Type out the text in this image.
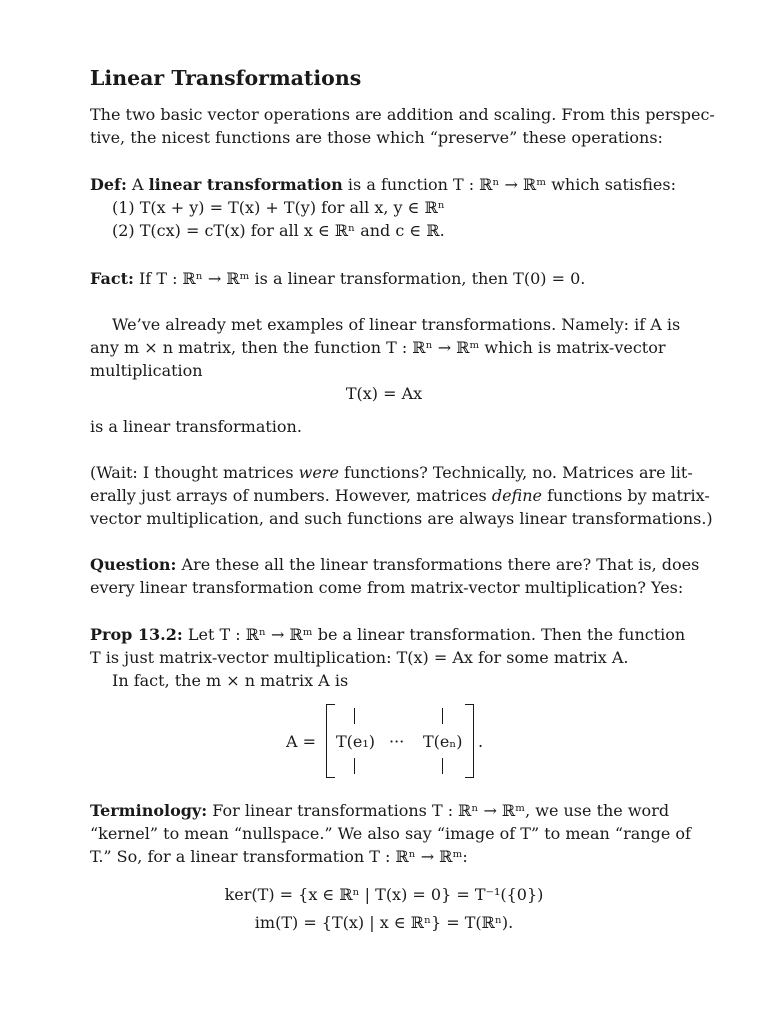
Linear Transformations
The two basic vector operations are addition and scaling. From this perspec-
tive, the nicest functions are those which “preserve” these operations:
Def: A linear transformation is a function T : ℝⁿ → ℝᵐ which satisfies:
(1) T(x + y) = T(x) + T(y) for all x, y ∈ ℝⁿ
(2) T(cx) = cT(x) for all x ∈ ℝⁿ and c ∈ ℝ.
Fact: If T : ℝⁿ → ℝᵐ is a linear transformation, then T(0) = 0.
We’ve already met examples of linear transformations. Namely: if A is
any m × n matrix, then the function T : ℝⁿ → ℝᵐ which is matrix-vector
multiplication
T(x) = Ax
is a linear transformation.
(Wait: I thought matrices were functions? Technically, no. Matrices are lit-
erally just arrays of numbers. However, matrices define functions by matrix-
vector multiplication, and such functions are always linear transformations.)
Question: Are these all the linear transformations there are? That is, does
every linear transformation come from matrix-vector multiplication? Yes:
Prop 13.2: Let T : ℝⁿ → ℝᵐ be a linear transformation. Then the function
T is just matrix-vector multiplication: T(x) = Ax for some matrix A.
In fact, the m × n matrix A is
A = T(e₁) ··· T(eₙ) .
Terminology: For linear transformations T : ℝⁿ → ℝᵐ, we use the word
“kernel” to mean “nullspace.” We also say “image of T” to mean “range of
T.” So, for a linear transformation T : ℝⁿ → ℝᵐ:
ker(T) = {x ∈ ℝⁿ | T(x) = 0} = T⁻¹({0})
im(T) = {T(x) | x ∈ ℝⁿ} = T(ℝⁿ).
